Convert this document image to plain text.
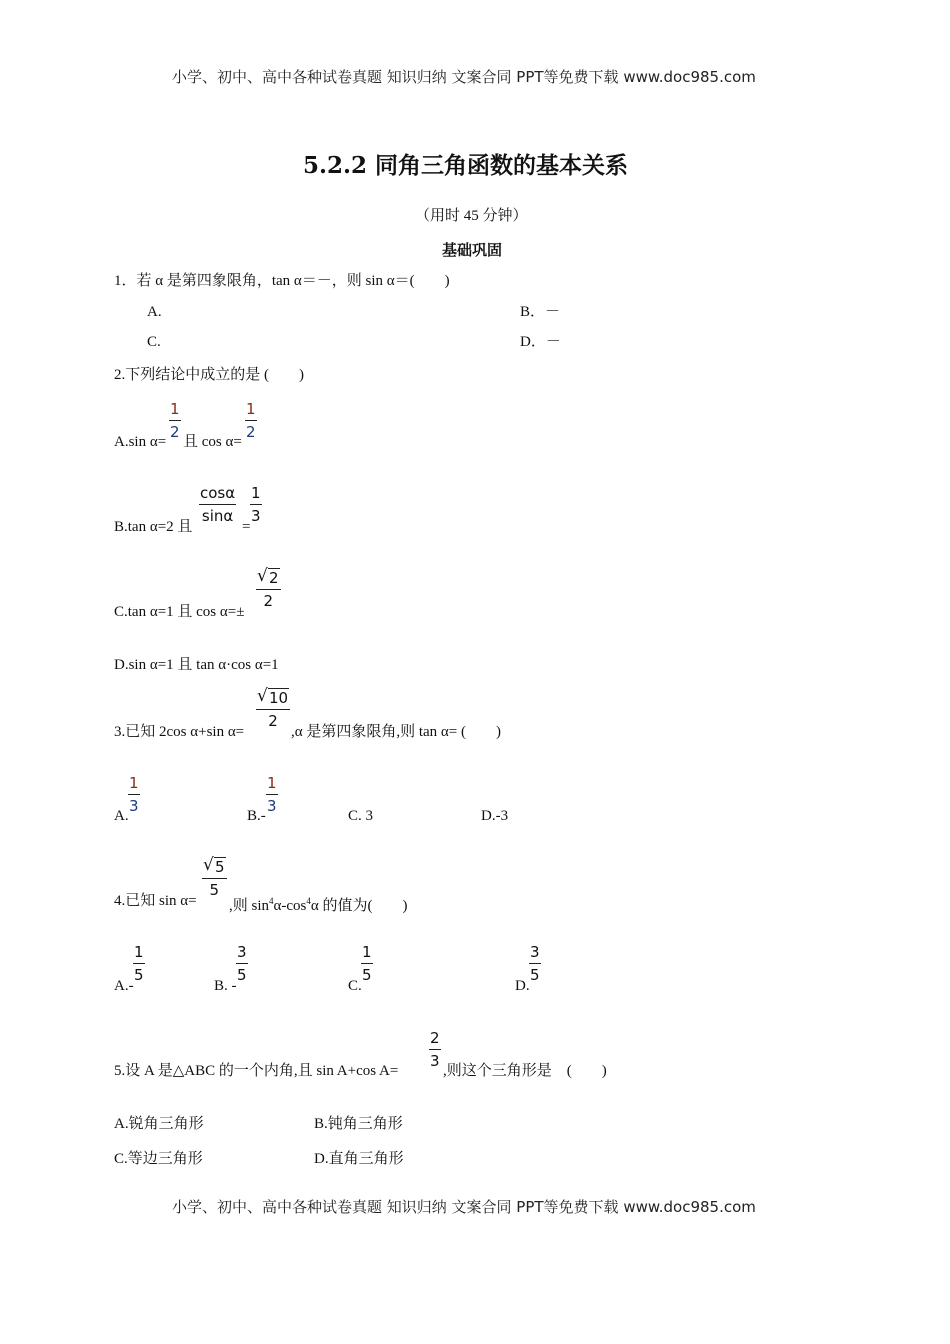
小学、初中、高中各种试卷真题 知识归纳 文案合同 PPT等免费下载 www.doc985.com
小学、初中、高中各种试卷真题 知识归纳 文案合同 PPT等免费下载 www.doc985.com
5.2.2 同角三角函数的基本关系
（用时 45 分钟）
基础巩固
1．若 α 是第四象限角，tan α＝－，则 sin α＝(　　)
A.	B．－
C.	D．－
2.下列结论中成立的是 (　　)
A.sin α=
1
2
且 cos α=
1
2
B.tan α=2 且
cosα
sinα
=
1
3
C.tan α=1 且 cos α=±
√ 2
2
D.sin α=1 且 tan α·cos α=1
3.已知 2cos α+sin α=
√ 10
2
,α 是第四象限角,则 tan α= (　　)
A.
1
3
B.-
1
3
C. 3	D.-3
4.已知 sin α=
√ 5
5
,则 $\sin^4\alpha-\cos^4\alpha$ 的值为(　　)
A.-
1
5
B. -
3
5
C.
1
5
D.
3
5
5.设 A 是△ABC 的一个内角,且 sin A+cos A=
2
3
,则这个三角形是　(　　)
A.锐角三角形	B.钝角三角形
C.等边三角形	D.直角三角形
